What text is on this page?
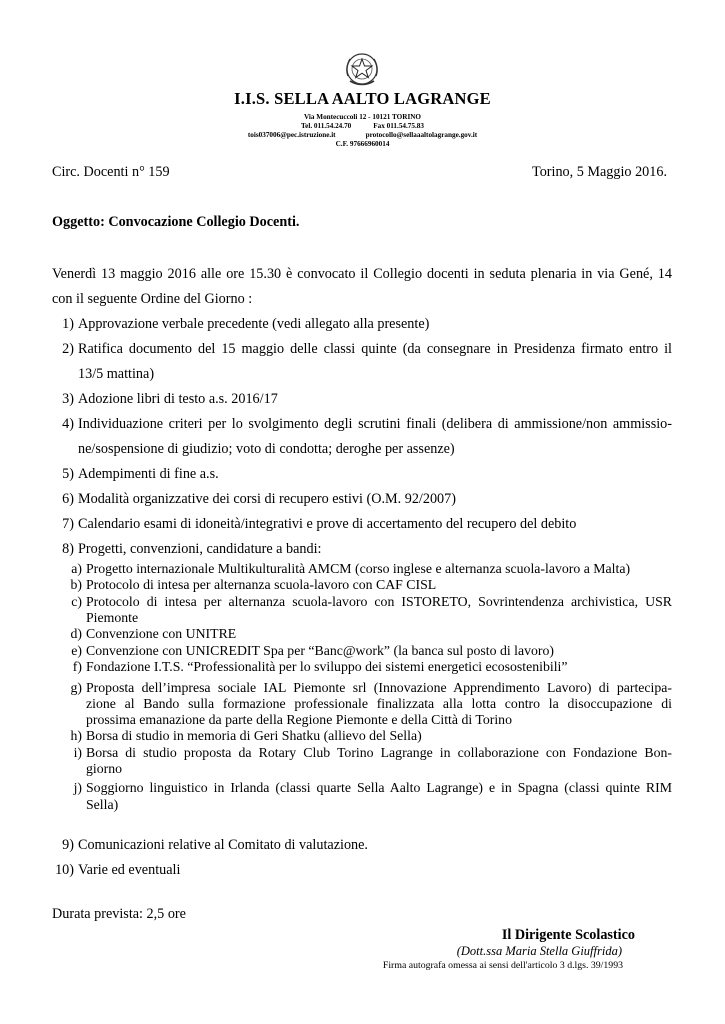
I.I.S. SELLA AALTO LAGRANGE
Via Montecuccoli 12 - 10121 TORINO
Tel. 011.54.24.70	Fax 011.54.75.83
tois037006@pec.istruzione.it	protocollo@sellaaaltolagrange.gov.it
C.F. 97666960014
Circ. Docenti n° 159	Torino, 5 Maggio 2016.
Oggetto: Convocazione Collegio Docenti.
Venerdì 13 maggio 2016 alle ore 15.30 è convocato il Collegio docenti in seduta plenaria in via Gené, 14
con il seguente Ordine del Giorno :
1) Approvazione verbale precedente (vedi allegato alla presente)
2) Ratifica documento del 15 maggio delle classi quinte (da consegnare in Presidenza firmato entro il
13/5 mattina)
3) Adozione libri di testo a.s. 2016/17
4) Individuazione criteri per lo svolgimento degli scrutini finali (delibera di ammissione/non ammissio-
ne/sospensione di giudizio; voto di condotta; deroghe per assenze)
5) Adempimenti di fine a.s.
6) Modalità organizzative dei corsi di recupero estivi (O.M. 92/2007)
7) Calendario esami di idoneità/integrativi e prove di accertamento del recupero del debito
8) Progetti, convenzioni, candidature a bandi:
a) Progetto internazionale Multikulturalità AMCM (corso inglese e alternanza scuola-lavoro a Malta)
b) Protocolo di intesa per alternanza scuola-lavoro con CAF CISL
c) Protocolo di intesa per alternanza scuola-lavoro con ISTORETO, Sovrintendenza archivistica, USR
Piemonte
d) Convenzione con UNITRE
e) Convenzione con UNICREDIT Spa per “Banc@work” (la banca sul posto di lavoro)
f) Fondazione I.T.S. “Professionalità per lo sviluppo dei sistemi energetici ecosostenibili”
g) Proposta dell’impresa sociale IAL Piemonte srl (Innovazione Apprendimento Lavoro) di partecipa-
zione al Bando sulla formazione professionale finalizzata alla lotta contro la disoccupazione di
prossima emanazione da parte della Regione Piemonte e della Città di Torino
h) Borsa di studio in memoria di Geri Shatku (allievo del Sella)
i) Borsa di studio proposta da Rotary Club Torino Lagrange in collaborazione con Fondazione Bon-
giorno
j) Soggiorno linguistico in Irlanda (classi quarte Sella Aalto Lagrange) e in Spagna (classi quinte RIM
Sella)
9) Comunicazioni relative al Comitato di valutazione.
10) Varie ed eventuali
Durata prevista: 2,5 ore
Il Dirigente Scolastico
(Dott.ssa Maria Stella Giuffrida)
Firma autografa omessa ai sensi dell'articolo 3 d.lgs. 39/1993
